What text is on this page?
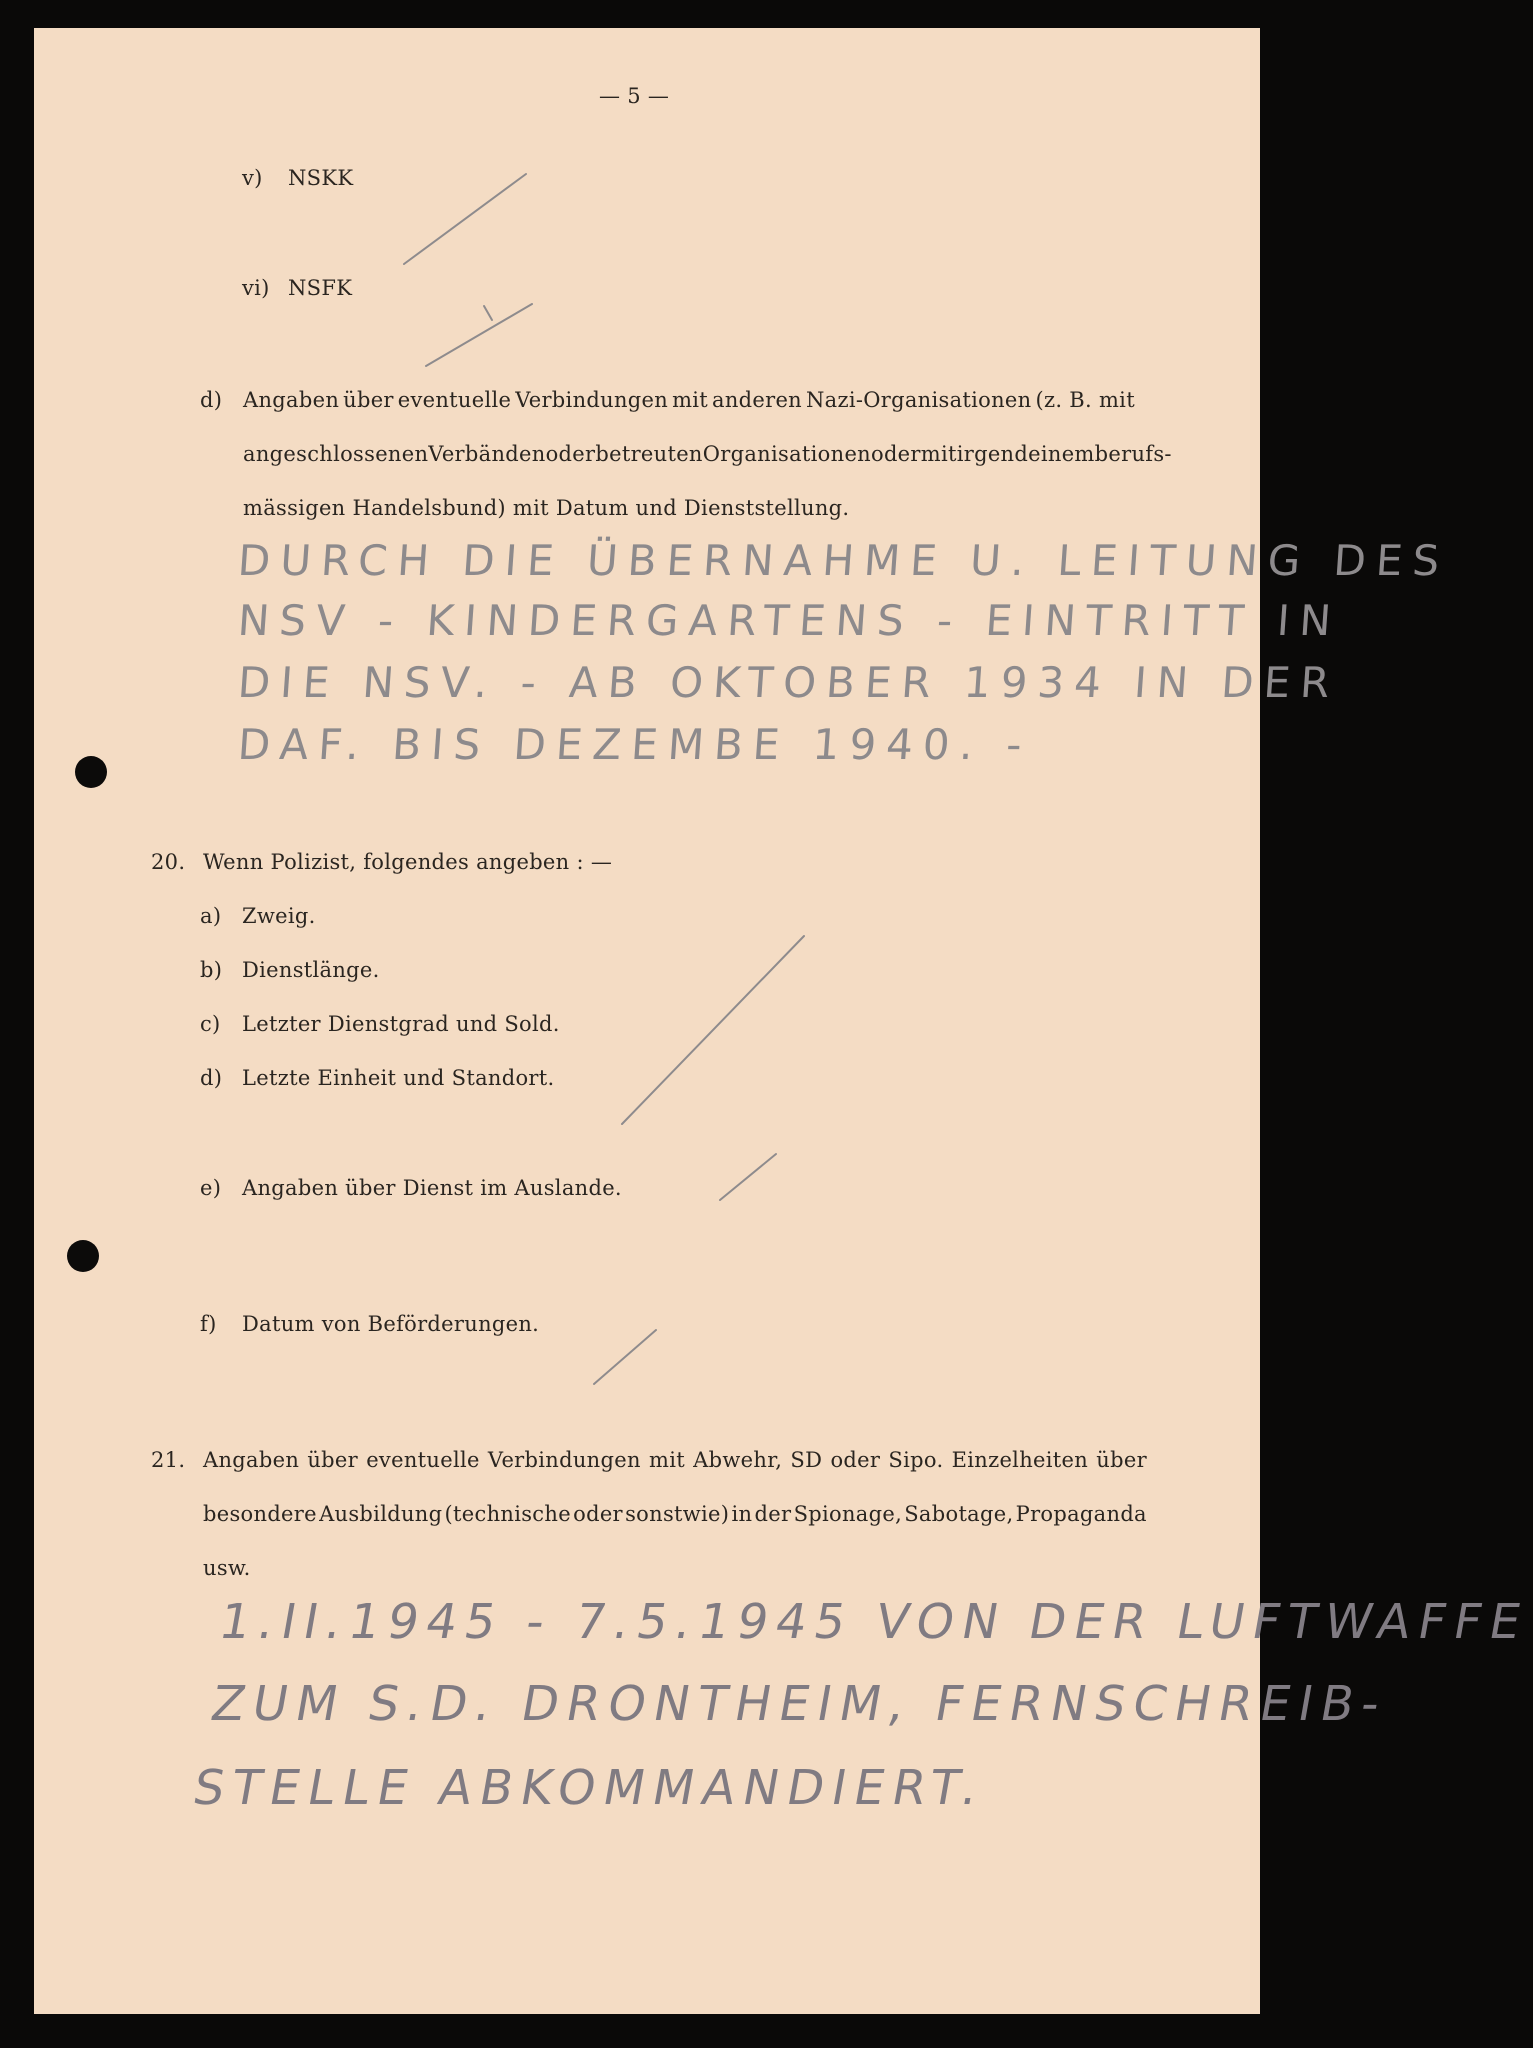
— 5 —
v) NSKK
vi) NSFK
d) Angaben über eventuelle Verbindungen mit anderen Nazi-Organisationen (z. B. mit
angeschlossenen Verbänden oder betreuten Organisationen oder mit irgendeinem berufs-
mässigen Handelsbund) mit Datum und Dienststellung.
DURCH DIE ÜBERNAHME U. LEITUNG DES
NSV - KINDERGARTENS - EINTRITT IN
DIE NSV. - AB OKTOBER 1934 IN DER
DAF. BIS DEZEMBE 1940. -
20. Wenn Polizist, folgendes angeben : —
a) Zweig.
b) Dienstlänge.
c) Letzter Dienstgrad und Sold.
d) Letzte Einheit und Standort.
e) Angaben über Dienst im Auslande.
f) Datum von Beförderungen.
21. Angaben über eventuelle Verbindungen mit Abwehr, SD oder Sipo. Einzelheiten über
besondere Ausbildung (technische oder sonstwie) in der Spionage, Sabotage, Propaganda
usw.
1.II.1945 - 7.5.1945 VON DER LUFTWAFFE
ZUM S.D. DRONTHEIM, FERNSCHREIB-
STELLE ABKOMMANDIERT.
